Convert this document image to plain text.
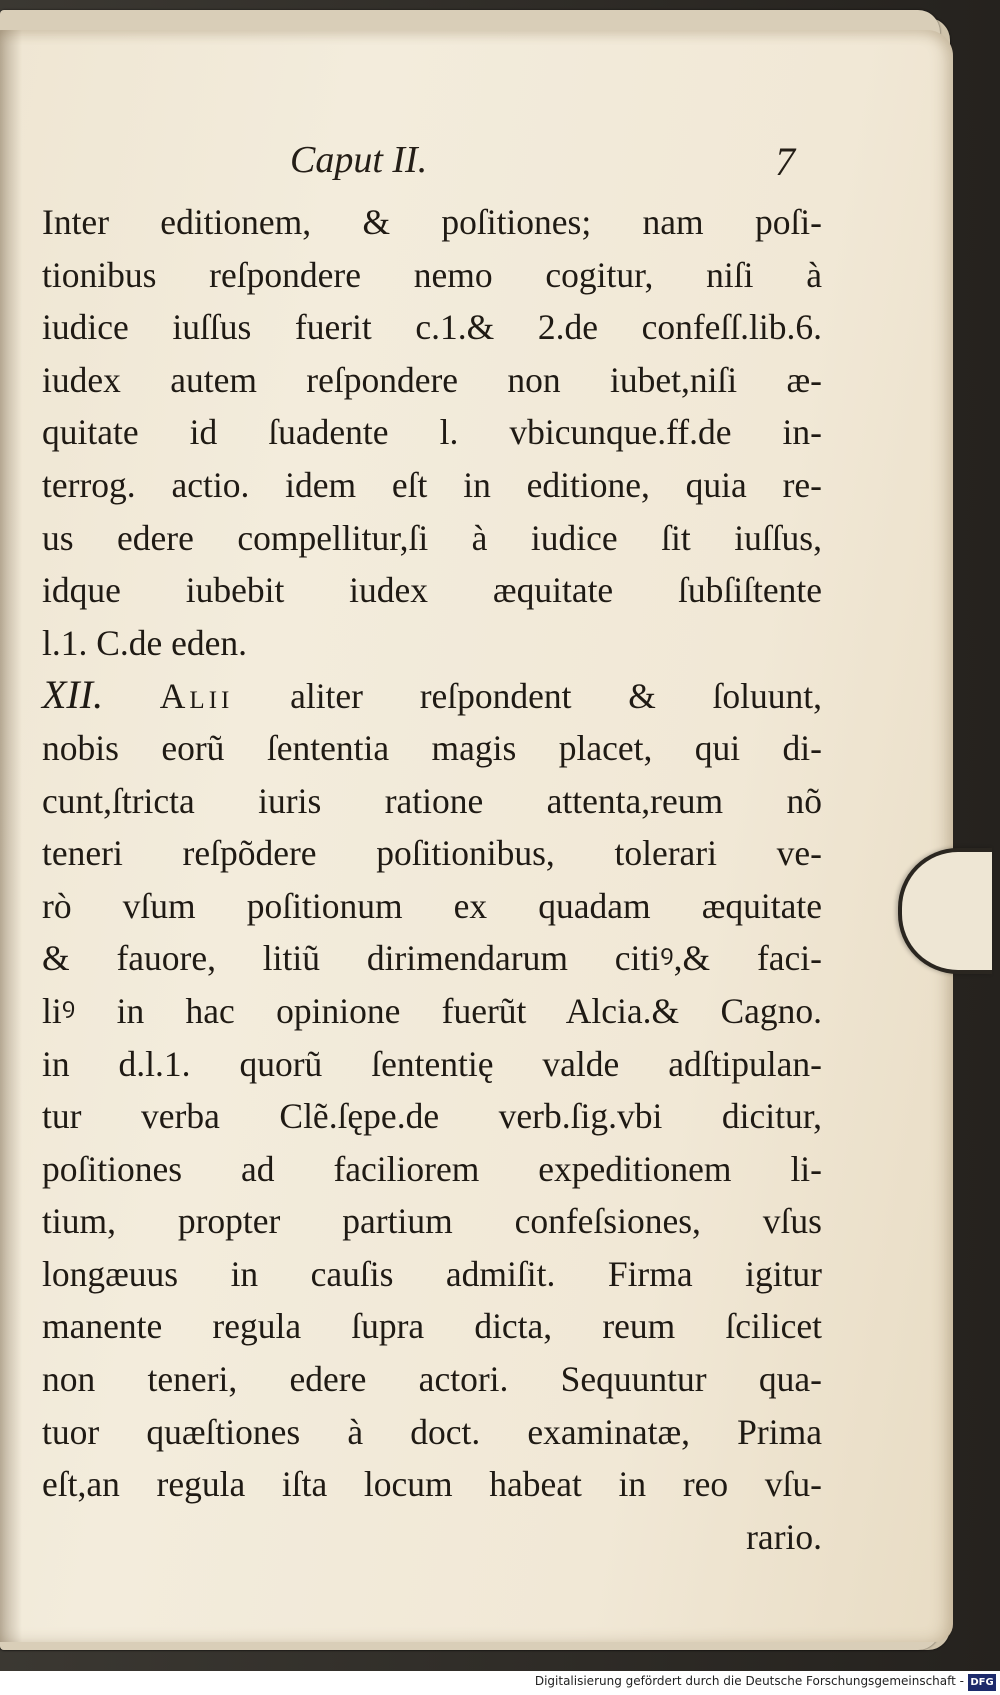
Caput II.	7
Inter editionem, & poſitiones; nam poſi-
tionibus reſpondere nemo cogitur, niſi à
iudice iuſſus fuerit c.1.& 2.de confeſſ.lib.6.
iudex autem reſpondere non iubet,niſi æ-
quitate id ſuadente l. vbicunque.ff.de in-
terrog. actio. idem eſt in editione, quia re-
us edere compellitur,ſi à iudice ſit iuſſus,
idque iubebit iudex æquitate ſubſiſtente
l.1. C.de eden.
XII. Alii aliter reſpondent & ſoluunt,
nobis eorũ ſententia magis placet, qui di-
cunt,ſtricta iuris ratione attenta,reum nõ
teneri reſpõdere poſitionibus, tolerari ve-
rò vſum poſitionum ex quadam æquitate
& fauore, litiũ dirimendarum citiꝰ,& faci-
liꝰ in hac opinione fuerũt Alcia.& Cagno.
in d.l.1. quorũ ſententię valde adſtipulan-
tur verba Clẽ.ſępe.de verb.ſig.vbi dicitur,
poſitiones ad faciliorem expeditionem li-
tium, propter partium confeſsiones, vſus
longæuus in cauſis admiſit. Firma igitur
manente regula ſupra dicta, reum ſcilicet
non teneri, edere actori. Sequuntur qua-
tuor quæſtiones à doct. examinatæ, Prima
eſt,an regula iſta locum habeat in reo vſu-
rario.
Digitalisierung gefördert durch die Deutsche Forschungsgemeinschaft - DFG
